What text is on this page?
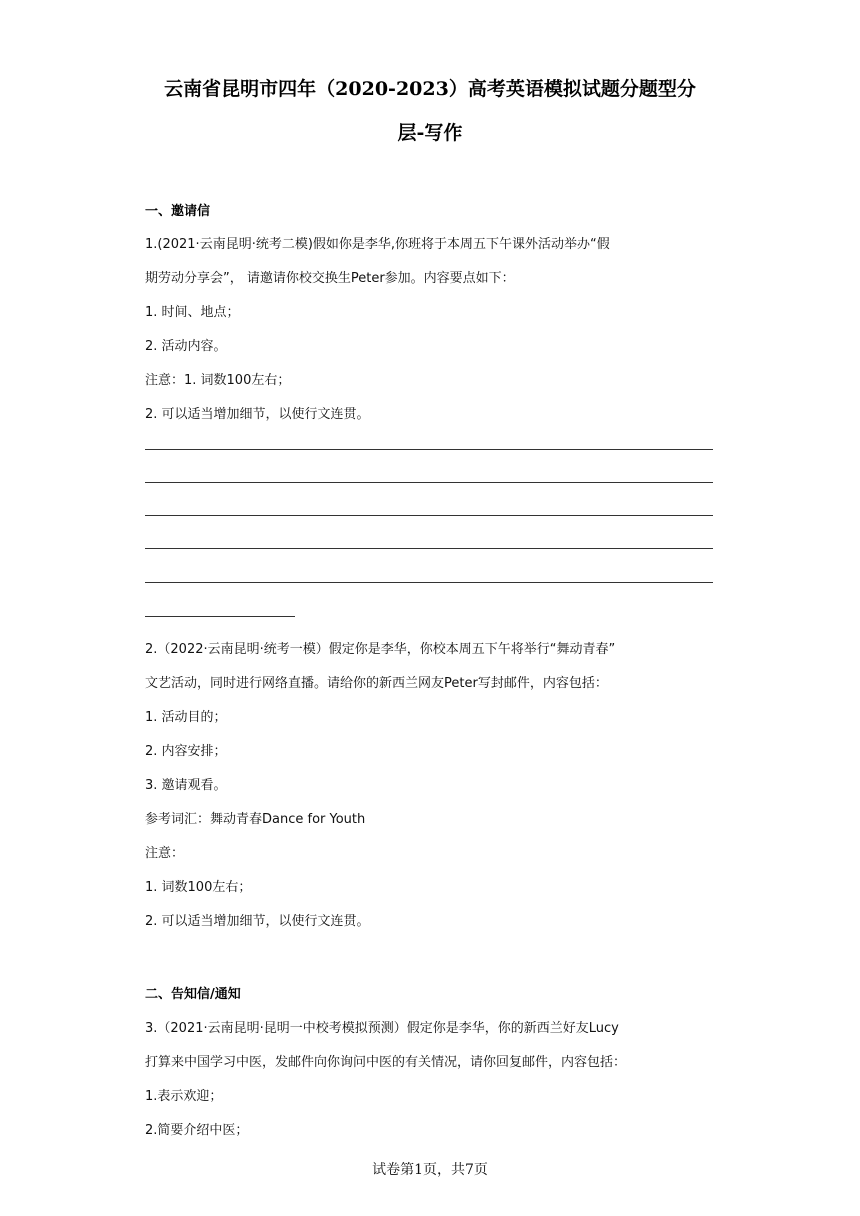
云南省昆明市四年（2020-2023）高考英语模拟试题分题型分
层-写作
一、邀请信
1.(2021·云南昆明·统考二模)假如你是李华,你班将于本周五下午课外活动举办“假
期劳动分享会”， 请邀请你校交换生Peter参加。内容要点如下：
1. 时间、地点；
2. 活动内容。
注意：1. 词数100左右；
2. 可以适当增加细节，以使行文连贯。
2.（2022·云南昆明·统考一模）假定你是李华，你校本周五下午将举行“舞动青春”
文艺活动，同时进行网络直播。请给你的新西兰网友Peter写封邮件，内容包括：
1. 活动目的；
2. 内容安排；
3. 邀请观看。
参考词汇：舞动青春Dance for Youth
注意：
1. 词数100左右；
2. 可以适当增加细节，以使行文连贯。
二、告知信/通知
3.（2021·云南昆明·昆明一中校考模拟预测）假定你是李华，你的新西兰好友Lucy
打算来中国学习中医，发邮件向你询问中医的有关情况，请你回复邮件，内容包括：
1.表示欢迎；
2.简要介绍中医；
试卷第1页，共7页
